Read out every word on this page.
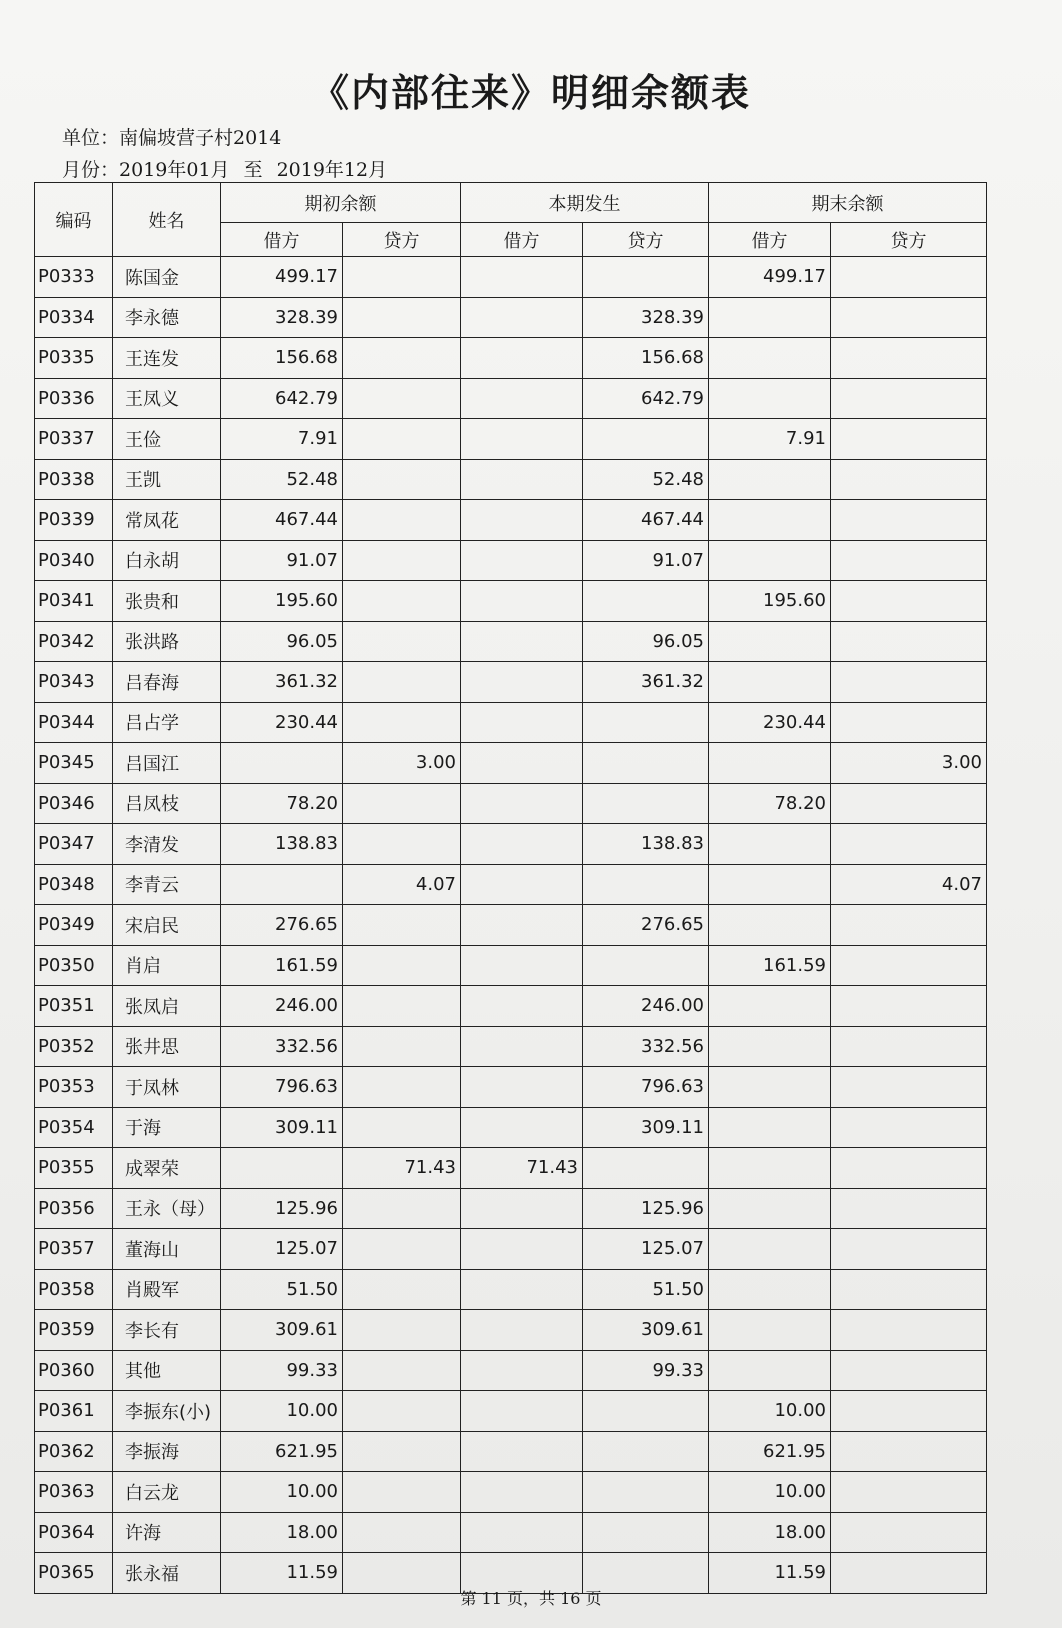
《内部往来》明细余额表
单位：南偏坡营子村2014
月份：2019年01月 至 2019年12月
编码	姓名	期初余额		本期发生		期末余额	
		借方	贷方	借方	贷方	借方	贷方
P0333	陈国金	499.17				499.17	
P0334	李永德	328.39			328.39		
P0335	王连发	156.68			156.68		
P0336	王凤义	642.79			642.79		
P0337	王俭	7.91				7.91	
P0338	王凯	52.48			52.48		
P0339	常凤花	467.44			467.44		
P0340	白永胡	91.07			91.07		
P0341	张贵和	195.60				195.60	
P0342	张洪路	96.05			96.05		
P0343	吕春海	361.32			361.32		
P0344	吕占学	230.44				230.44	
P0345	吕国江		3.00				3.00
P0346	吕凤枝	78.20				78.20	
P0347	李清发	138.83			138.83		
P0348	李青云		4.07				4.07
P0349	宋启民	276.65			276.65		
P0350	肖启	161.59				161.59	
P0351	张凤启	246.00			246.00		
P0352	张井思	332.56			332.56		
P0353	于凤林	796.63			796.63		
P0354	于海	309.11			309.11		
P0355	成翠荣		71.43	71.43			
P0356	王永（母）	125.96			125.96		
P0357	董海山	125.07			125.07		
P0358	肖殿军	51.50			51.50		
P0359	李长有	309.61			309.61		
P0360	其他	99.33			99.33		
P0361	李振东(小)	10.00				10.00	
P0362	李振海	621.95				621.95	
P0363	白云龙	10.00				10.00	
P0364	许海	18.00				18.00	
P0365	张永福	11.59				11.59	
第 11 页，共 16 页
